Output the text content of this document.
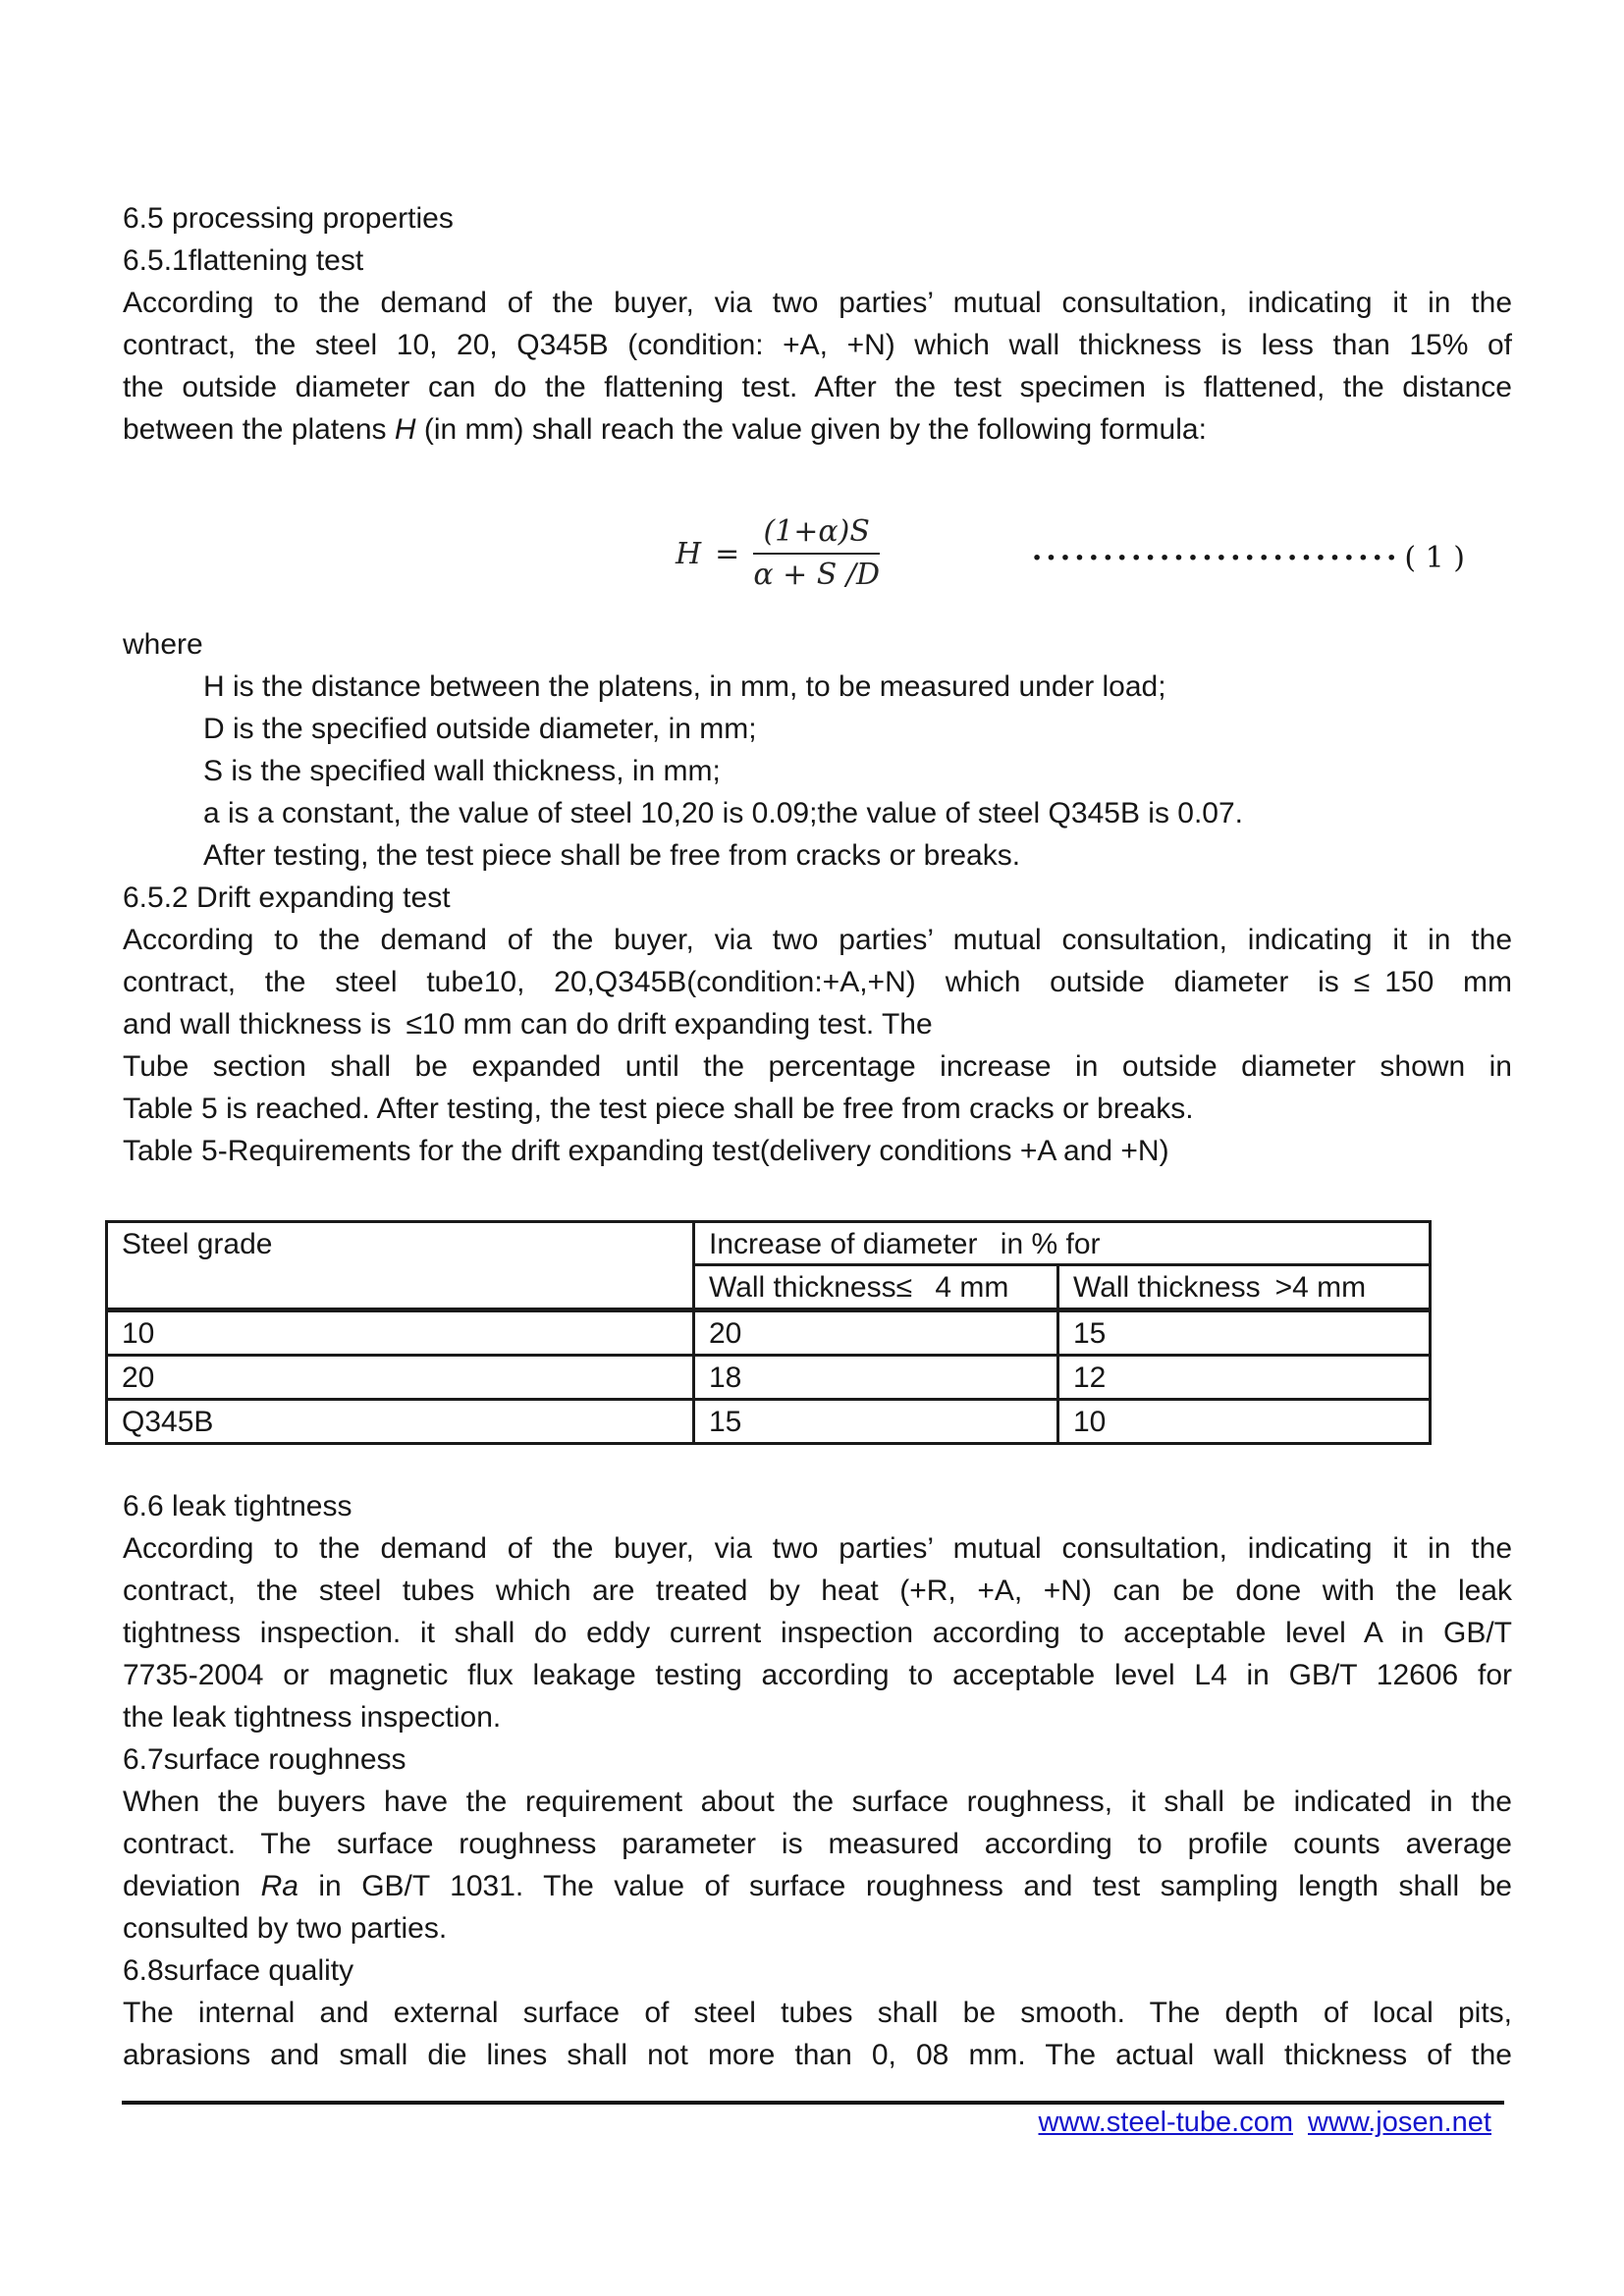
6.5 processing properties
6.5.1flattening test
According to the demand of the buyer, via two parties’ mutual consultation, indicating it in the
contract, the steel 10, 20, Q345B (condition: +A, +N) which wall thickness is less than 15% of
the outside diameter can do the flattening test. After the test specimen is flattened, the distance
between the platens H (in mm) shall reach the value given by the following formula:
$H = \frac{(1+\alpha)S}{\alpha + S /D}$	·························· ( 1 )
where
H is the distance between the platens, in mm, to be measured under load;
D is the specified outside diameter, in mm;
S is the specified wall thickness, in mm;
a is a constant, the value of steel 10,20 is 0.09;the value of steel Q345B is 0.07.
After testing, the test piece shall be free from cracks or breaks.
6.5.2 Drift expanding test
According to the demand of the buyer, via two parties’ mutual consultation, indicating it in the
contract, the steel tube10, 20,Q345B(condition:+A,+N)  which outside diameter is ≤ 150 mm
and wall thickness is ≤10 mm can do drift expanding test. The
Tube section shall be expanded until the percentage increase in outside diameter shown in
Table 5 is reached. After testing, the test piece shall be free from cracks or breaks.
Table 5-Requirements for the drift expanding test(delivery conditions +A and +N)
Steel grade	Increase of diameter  in % for	
	Wall thickness≤  4 mm	Wall thickness >4 mm
10	20	15
20	18	12
Q345B	15	10
6.6 leak tightness
According to the demand of the buyer, via two parties’ mutual consultation, indicating it in the
contract, the steel tubes which are treated by heat (+R, +A, +N) can be done with the leak
tightness inspection. it shall do eddy current inspection according to acceptable level A in GB/T
7735-2004 or magnetic flux leakage testing according to acceptable level L4 in GB/T 12606 for
the leak tightness inspection.
6.7surface roughness
When the buyers have the requirement about the surface roughness, it shall be indicated in the
contract. The surface roughness parameter is measured according to profile counts average
deviation Ra in GB/T 1031. The value of surface roughness and test sampling length shall be
consulted by two parties.
6.8surface quality
The internal and external surface of steel tubes shall be smooth. The depth of local pits,
abrasions and small die lines shall not more than 0, 08 mm. The actual wall thickness of the
www.steel-tube.com www.josen.net
